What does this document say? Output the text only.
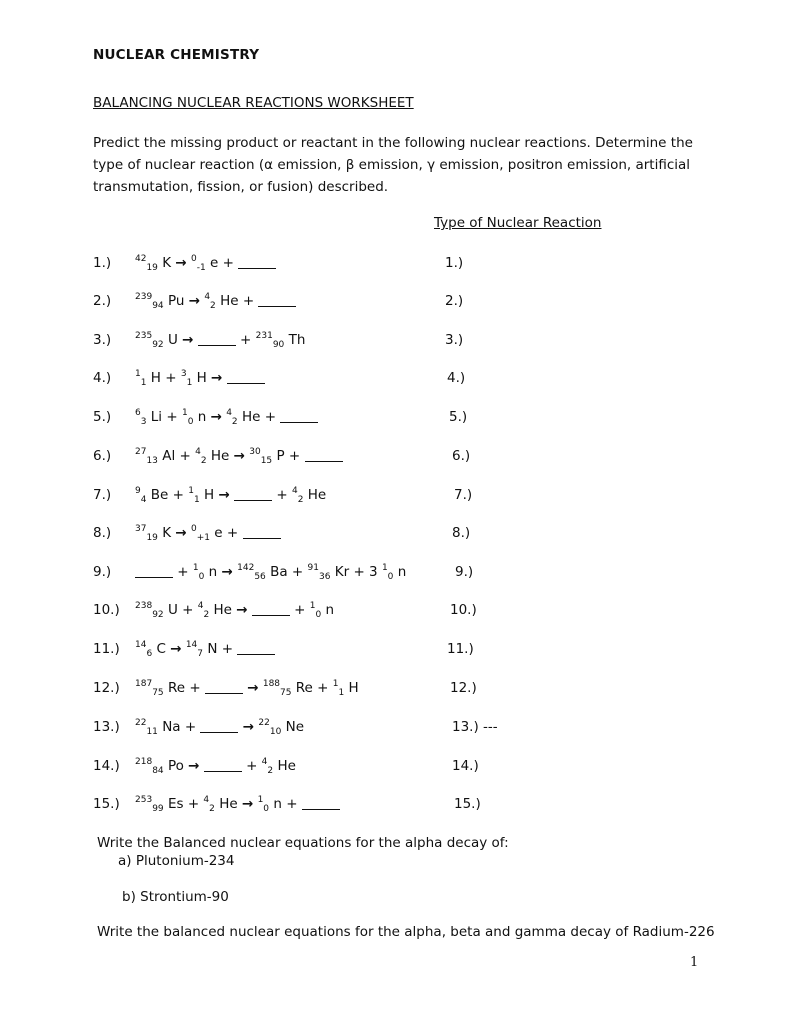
NUCLEAR CHEMISTRY
BALANCING NUCLEAR REACTIONS WORKSHEET
Predict the missing product or reactant in the following nuclear reactions. Determine the type of nuclear reaction (α emission, β emission, γ emission, positron emission, artificial transmutation, fission, or fusion) described.
Type of Nuclear Reaction
1.)	$^{42}_{19}$ K → $^0_{-1}$ e +	1.)
2.)	$^{239}_{94}$ Pu → $^4_2$ He +	2.)
3.)	$^{235}_{92}$ U →	+ $^{231}_{90}$ Th	3.)
4.)	$^1_1$ H + $^3_1$ H →	4.)
5.)	$^6_3$ Li + $^1_0$ n → $^4_2$ He +	5.)
6.)	$^{27}_{13}$ Al + $^4_2$ He → $^{30}_{15}$ P +	6.)
7.)	$^9_4$ Be + $^1_1$ H →	+ $^4_2$ He	7.)
8.)	$^{37}_{19}$ K → $^0_{+1}$ e +	8.)
9.)	+ $^1_0$ n → $^{142}_{56}$ Ba + $^{91}_{36}$ Kr + 3 $^1_0$ n	9.)
10.) $^{238}_{92}$ U + $^4_2$ He →	+ $^1_0$ n	10.)
11.) $^{14}_6$ C → $^{14}_7$ N +	11.)
12.) $^{187}_{75}$ Re +	→ $^{188}_{75}$ Re + $^1_1$ H	12.)
13.) $^{22}_{11}$ Na +	→ $^{22}_{10}$ Ne	13.) ---
14.) $^{218}_{84}$ Po →	+ $^4_2$ He	14.)
15.) $^{253}_{99}$ Es + $^4_2$ He → $^1_0$ n +	15.)
Write the Balanced nuclear equations for the alpha decay of:
a) Plutonium-234
b) Strontium-90
Write the balanced nuclear equations for the alpha, beta and gamma decay of Radium-226
1
